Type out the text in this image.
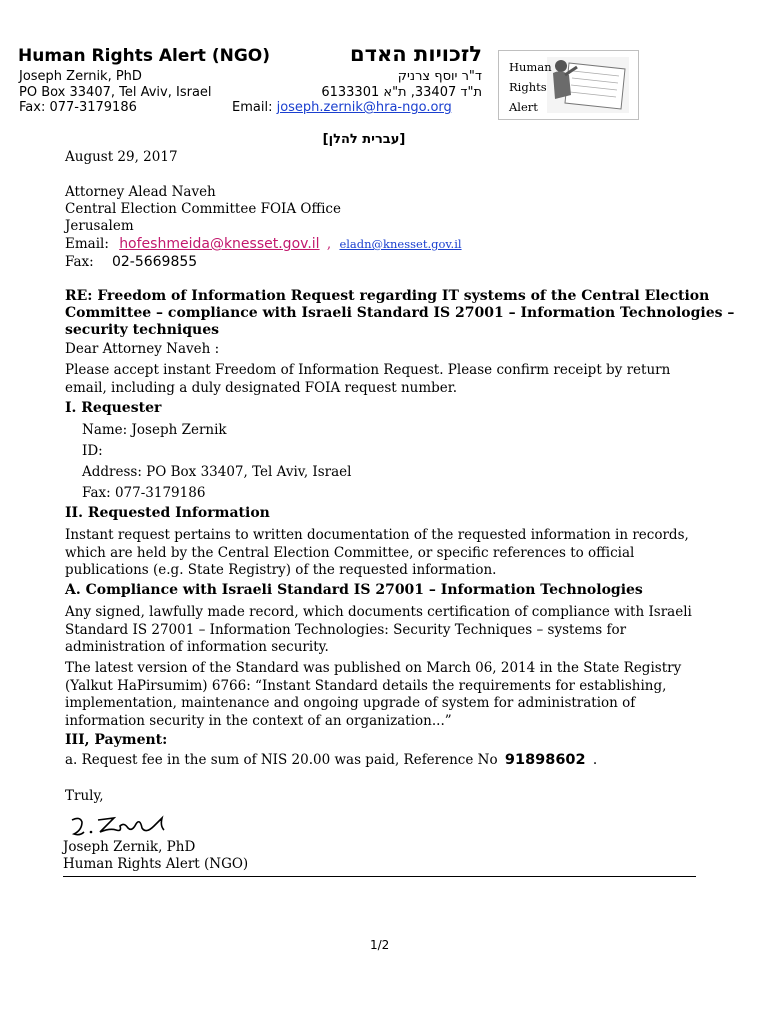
Human Rights Alert (NGO)	לזכויות האדם
Joseph Zernik, PhD	ד"ר יוסף צרניק
PO Box 33407, Tel Aviv, Israel	ת"ד 33407, ת"א 6133301
Fax: 077-3179186	Email: joseph.zernik@hra-ngo.org
Human
Rights
Alert
[עברית להלן]
August 29, 2017
Attorney Alead Naveh
Central Election Committee FOIA Office
Jerusalem
Email: hofeshmeida@knesset.gov.il , eladn@knesset.gov.il
Fax: 02-5669855
RE: Freedom of Information Request regarding IT systems of the Central Election
Committee – compliance with Israeli Standard IS 27001 – Information Technologies –
security techniques
Dear Attorney Naveh :
Please accept instant Freedom of Information Request. Please confirm receipt by return email, including a duly designated FOIA request number.
I. Requester
Name: Joseph Zernik
ID:
Address: PO Box 33407, Tel Aviv, Israel
Fax: 077-3179186
II. Requested Information
Instant request pertains to written documentation of the requested information in records, which are held by the Central Election Committee, or specific references to official publications (e.g. State Registry) of the requested information.
A. Compliance with Israeli Standard IS 27001 – Information Technologies
Any signed, lawfully made record, which documents certification of compliance with Israeli Standard IS 27001 – Information Technologies: Security Techniques – systems for administration of information security.
The latest version of the Standard was published on March 06, 2014 in the State Registry (Yalkut HaPirsumim) 6766: “Instant Standard details the requirements for establishing, implementation, maintenance and ongoing upgrade of system for administration of information security in the context of an organization...”
III, Payment:
a. Request fee in the sum of NIS 20.00 was paid, Reference No 91898602 .
Truly,
Joseph Zernik, PhD
Human Rights Alert (NGO)
1/2
